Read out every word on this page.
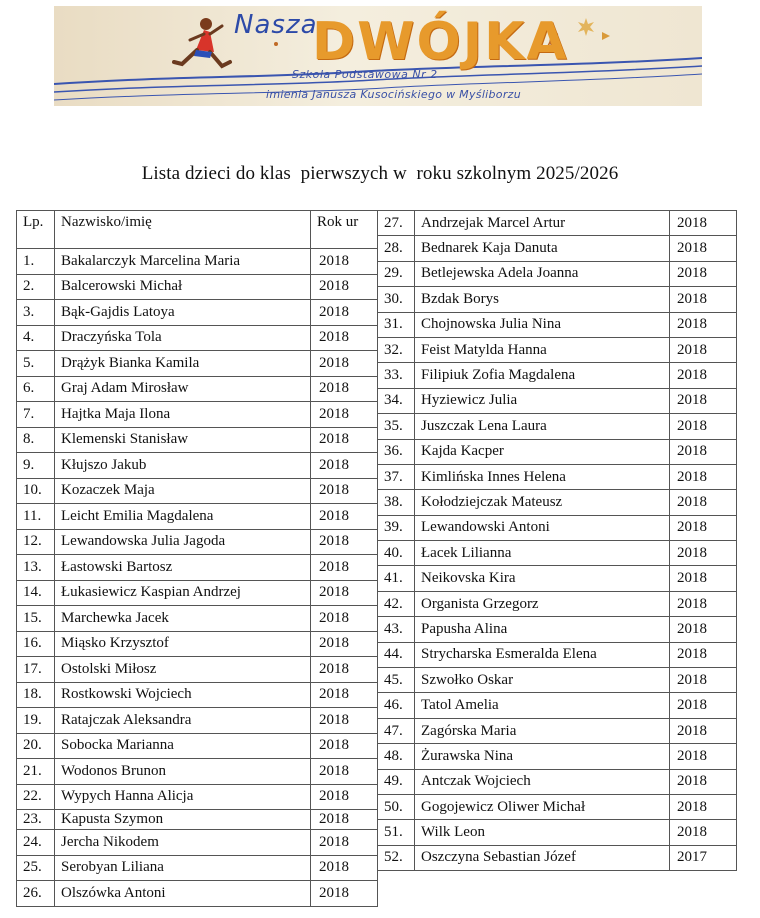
Nasza
DWÓJKA
Szkoła Podstawowa Nr 2
imienia Janusza Kusocińskiego w Myśliborzu
Lista dzieci do klas  pierwszych w  roku szkolnym 2025/2026
Lp.	Nazwisko/imię	Rok ur
1.	Bakalarczyk Marcelina Maria	2018
2.	Balcerowski Michał	2018
3.	Bąk-Gajdis Latoya	2018
4.	Draczyńska Tola	2018
5.	Drążyk Bianka Kamila	2018
6.	Graj Adam Mirosław	2018
7.	Hajtka Maja Ilona	2018
8.	Klemenski Stanisław	2018
9.	Kłujszo Jakub	2018
10.	Kozaczek Maja	2018
11.	Leicht Emilia Magdalena	2018
12.	Lewandowska Julia Jagoda	2018
13.	Łastowski Bartosz	2018
14.	Łukasiewicz Kaspian Andrzej	2018
15.	Marchewka Jacek	2018
16.	Miąsko Krzysztof	2018
17.	Ostolski Miłosz	2018
18.	Rostkowski Wojciech	2018
19.	Ratajczak Aleksandra	2018
20.	Sobocka Marianna	2018
21.	Wodonos Brunon	2018
22.	Wypych Hanna Alicja	2018
23.	Kapusta Szymon	2018
24.	Jercha Nikodem	2018
25.	Serobyan Liliana	2018
26.	Olszówka Antoni	2018
27.	Andrzejak Marcel Artur	2018
28.	Bednarek Kaja Danuta	2018
29.	Betlejewska Adela Joanna	2018
30.	Bzdak Borys	2018
31.	Chojnowska Julia Nina	2018
32.	Feist Matylda Hanna	2018
33.	Filipiuk Zofia Magdalena	2018
34.	Hyziewicz Julia	2018
35.	Juszczak Lena Laura	2018
36.	Kajda Kacper	2018
37.	Kimlińska Innes Helena	2018
38.	Kołodziejczak Mateusz	2018
39.	Lewandowski Antoni	2018
40.	Łacek Lilianna	2018
41.	Neikovska Kira	2018
42.	Organista Grzegorz	2018
43.	Papusha Alina	2018
44.	Strycharska Esmeralda Elena	2018
45.	Szwołko Oskar	2018
46.	Tatol Amelia	2018
47.	Zagórska Maria	2018
48.	Żurawska Nina	2018
49.	Antczak Wojciech	2018
50.	Gogojewicz Oliwer Michał	2018
51.	Wilk Leon	2018
52.	Oszczyna Sebastian Józef	2017
